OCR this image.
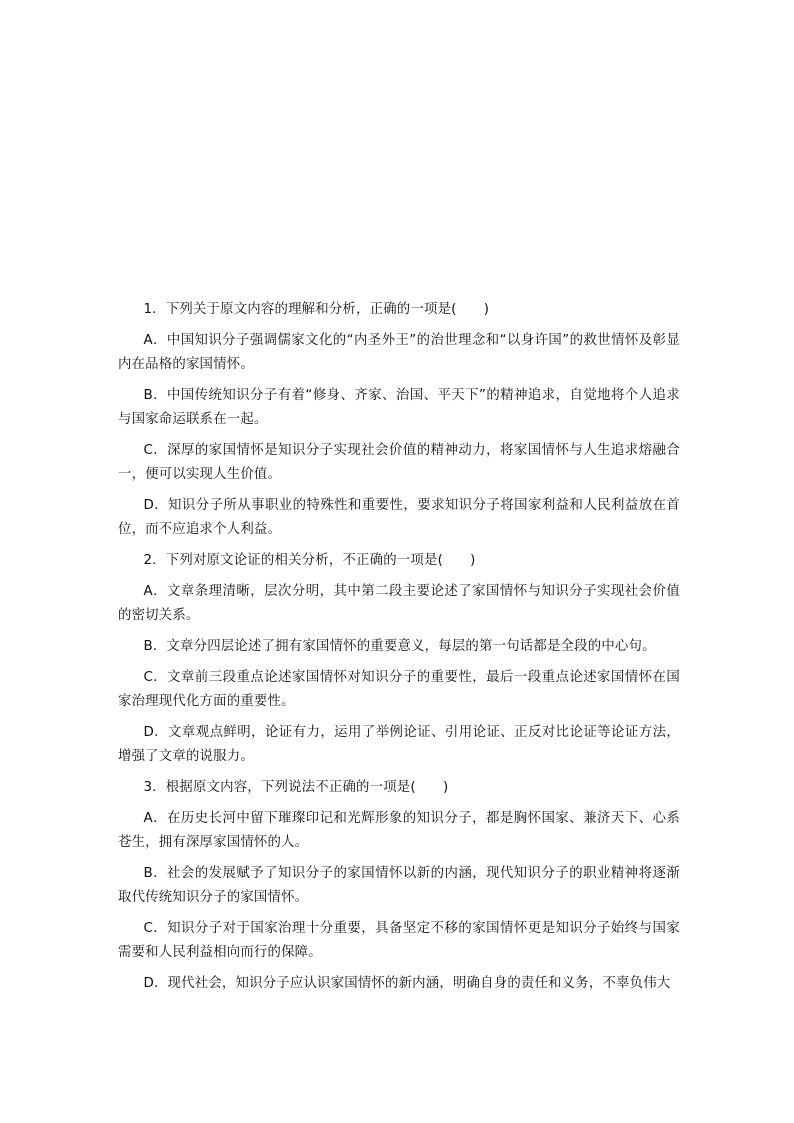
1．下列关于原文内容的理解和分析，正确的一项是(　　)

A．中国知识分子强调儒家文化的“内圣外王”的治世理念和“以身许国”的救世情怀及彰显内在品格的家国情怀。

B．中国传统知识分子有着“修身、齐家、治国、平天下”的精神追求，自觉地将个人追求与国家命运联系在一起。

C．深厚的家国情怀是知识分子实现社会价值的精神动力，将家国情怀与人生追求熔融合一，便可以实现人生价值。

D．知识分子所从事职业的特殊性和重要性，要求知识分子将国家利益和人民利益放在首位，而不应追求个人利益。

2．下列对原文论证的相关分析，不正确的一项是(　　)

A．文章条理清晰，层次分明，其中第二段主要论述了家国情怀与知识分子实现社会价值的密切关系。

B．文章分四层论述了拥有家国情怀的重要意义，每层的第一句话都是全段的中心句。

C．文章前三段重点论述家国情怀对知识分子的重要性，最后一段重点论述家国情怀在国家治理现代化方面的重要性。

D．文章观点鲜明，论证有力，运用了举例论证、引用论证、正反对比论证等论证方法，增强了文章的说服力。

3．根据原文内容，下列说法不正确的一项是(　　)

A．在历史长河中留下璀璨印记和光辉形象的知识分子，都是胸怀国家、兼济天下、心系苍生，拥有深厚家国情怀的人。

B．社会的发展赋予了知识分子的家国情怀以新的内涵，现代知识分子的职业精神将逐渐取代传统知识分子的家国情怀。

C．知识分子对于国家治理十分重要，具备坚定不移的家国情怀更是知识分子始终与国家需要和人民利益相向而行的保障。

D．现代社会，知识分子应认识家国情怀的新内涵，明确自身的责任和义务，不辜负伟大
